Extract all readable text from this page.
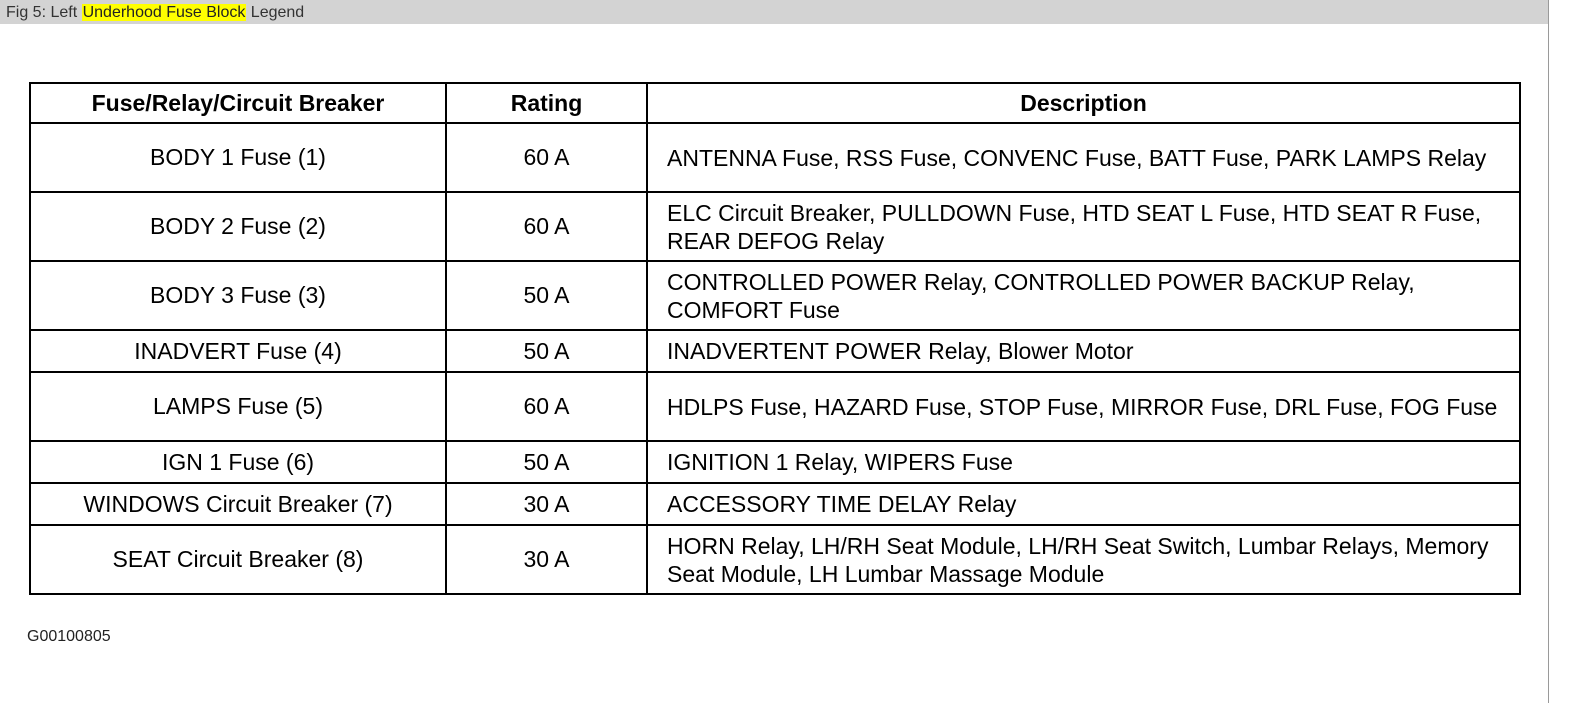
Fig 5: Left Underhood Fuse Block Legend
Fuse/Relay/Circuit Breaker	Rating	Description
BODY 1 Fuse (1)	60 A	ANTENNA Fuse, RSS Fuse, CONVENC Fuse, BATT Fuse, PARK LAMPS Relay
BODY 2 Fuse (2)	60 A	ELC Circuit Breaker, PULLDOWN Fuse, HTD SEAT L Fuse, HTD SEAT R Fuse, REAR DEFOG Relay
BODY 3 Fuse (3)	50 A	CONTROLLED POWER Relay, CONTROLLED POWER BACKUP Relay, COMFORT Fuse
INADVERT Fuse (4)	50 A	INADVERTENT POWER Relay, Blower Motor
LAMPS Fuse (5)	60 A	HDLPS Fuse, HAZARD Fuse, STOP Fuse, MIRROR Fuse, DRL Fuse, FOG Fuse
IGN 1 Fuse (6)	50 A	IGNITION 1 Relay, WIPERS Fuse
WINDOWS Circuit Breaker (7)	30 A	ACCESSORY TIME DELAY Relay
SEAT Circuit Breaker (8)	30 A	HORN Relay, LH/RH Seat Module, LH/RH Seat Switch, Lumbar Relays, Memory Seat Module, LH Lumbar Massage Module
G00100805
